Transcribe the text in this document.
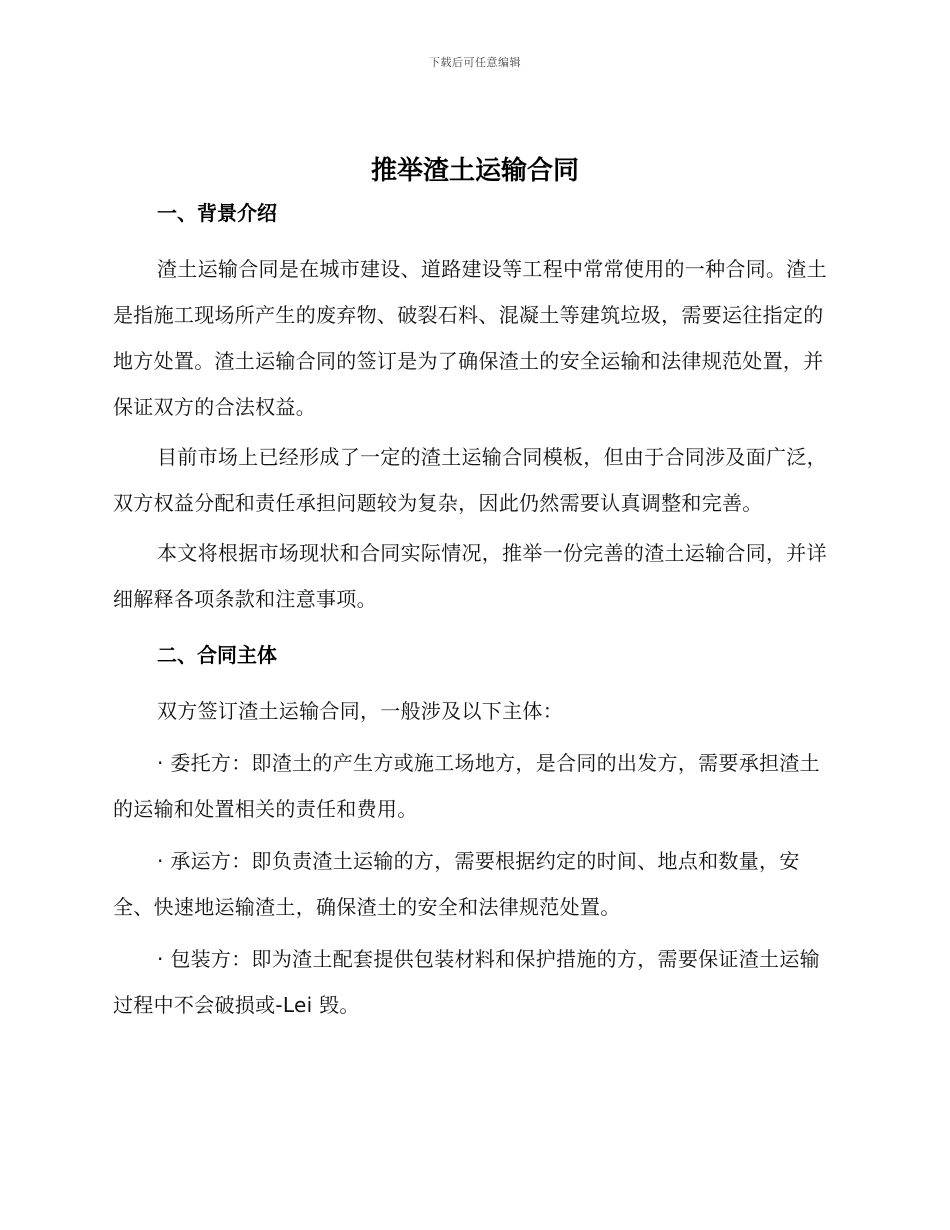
下载后可任意编辑
推举渣土运输合同
一、背景介绍

渣土运输合同是在城市建设、道路建设等工程中常常使用的一种合同。渣土是指施工现场所产生的废弃物、破裂石料、混凝土等建筑垃圾，需要运往指定的地方处置。渣土运输合同的签订是为了确保渣土的安全运输和法律规范处置，并保证双方的合法权益。

目前市场上已经形成了一定的渣土运输合同模板，但由于合同涉及面广泛，双方权益分配和责任承担问题较为复杂，因此仍然需要认真调整和完善。

本文将根据市场现状和合同实际情况，推举一份完善的渣土运输合同，并详细解释各项条款和注意事项。

二、合同主体

双方签订渣土运输合同，一般涉及以下主体：

· 委托方：即渣土的产生方或施工场地方，是合同的出发方，需要承担渣土的运输和处置相关的责任和费用。

· 承运方：即负责渣土运输的方，需要根据约定的时间、地点和数量，安全、快速地运输渣土，确保渣土的安全和法律规范处置。

· 包装方：即为渣土配套提供包装材料和保护措施的方，需要保证渣土运输过程中不会破损或-Lei 毁。
